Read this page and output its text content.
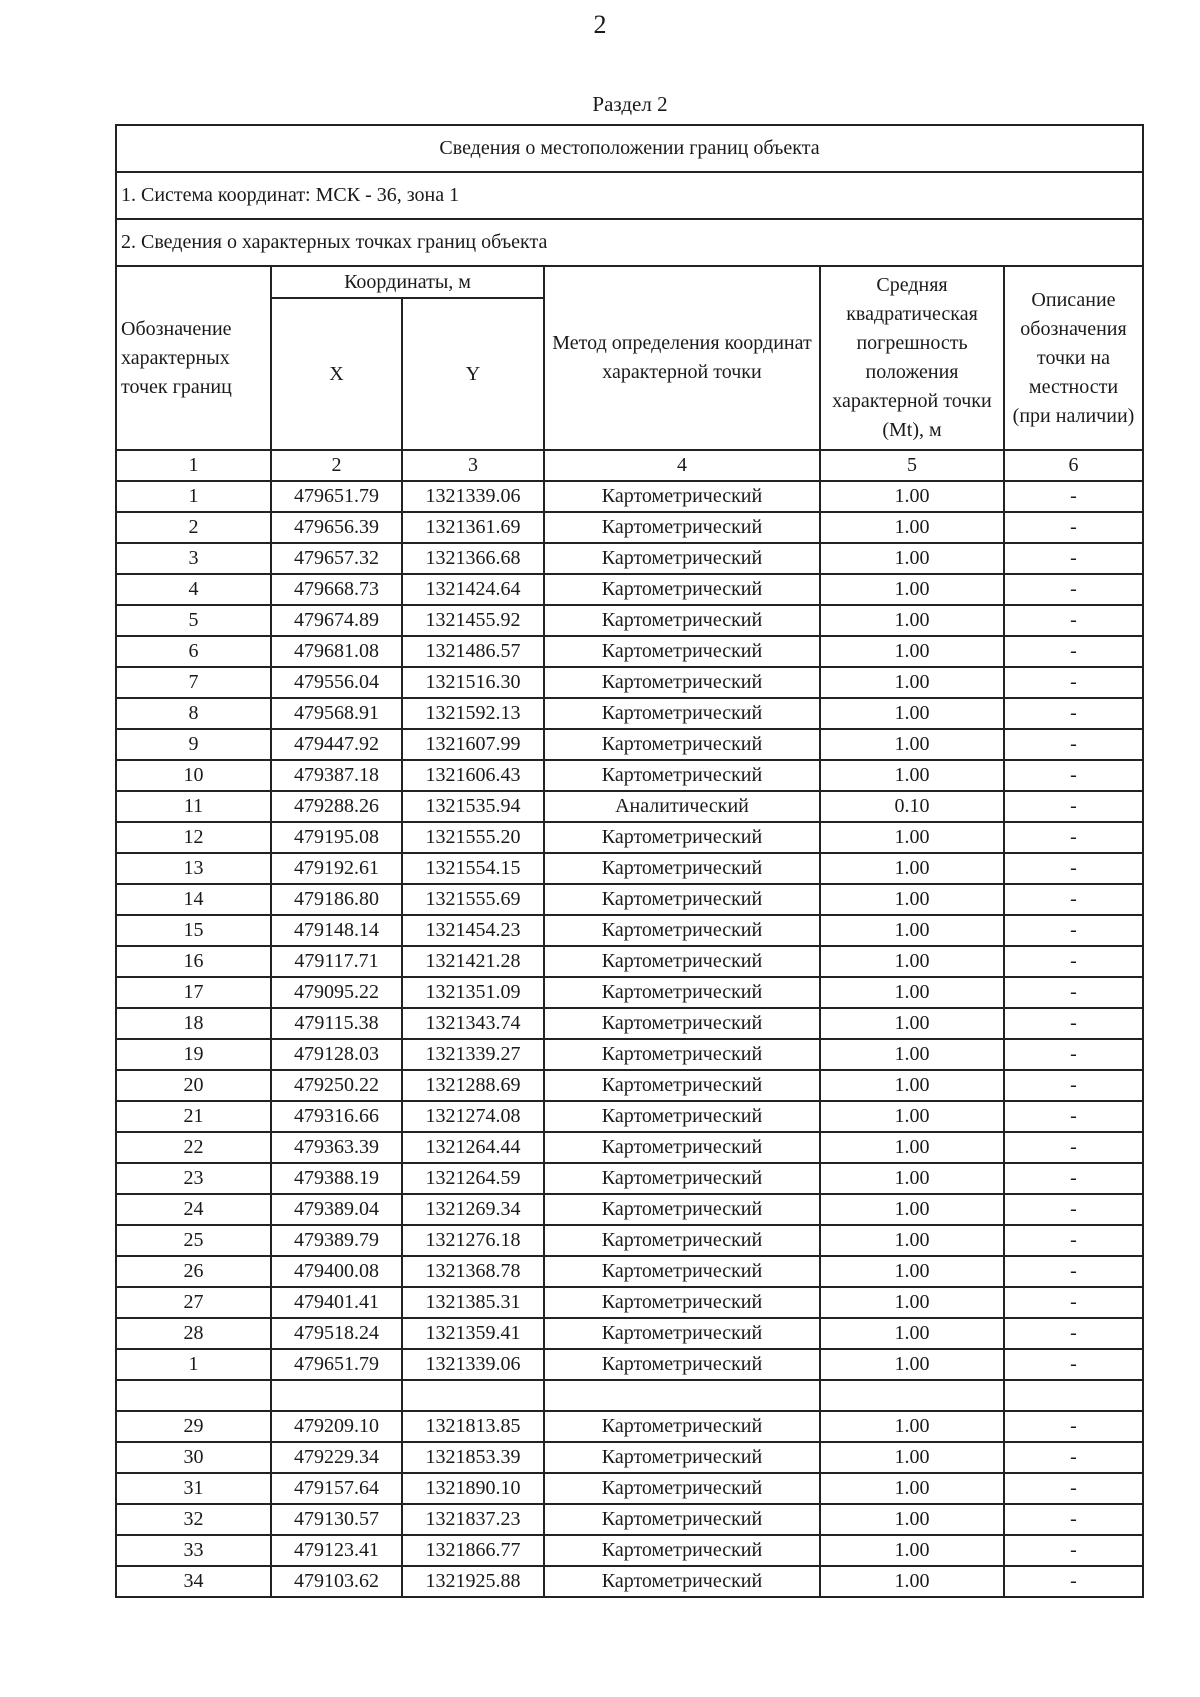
2
Раздел 2
Сведения о местоположении границ объекта					
1. Система координат: МСК - 36, зона 1					
2. Сведения о характерных точках границ объекта					
Обозначение характерных точек границ	Координаты, м		Метод определения координат характерной точки	Средняя квадратическая погрешность положения характерной точки (Mt), м	Описание обозначения точки на местности (при наличии)
	X	Y			
1	2	3	4	5	6
1	479651.79	1321339.06	Картометрический	1.00	-
2	479656.39	1321361.69	Картометрический	1.00	-
3	479657.32	1321366.68	Картометрический	1.00	-
4	479668.73	1321424.64	Картометрический	1.00	-
5	479674.89	1321455.92	Картометрический	1.00	-
6	479681.08	1321486.57	Картометрический	1.00	-
7	479556.04	1321516.30	Картометрический	1.00	-
8	479568.91	1321592.13	Картометрический	1.00	-
9	479447.92	1321607.99	Картометрический	1.00	-
10	479387.18	1321606.43	Картометрический	1.00	-
11	479288.26	1321535.94	Аналитический	0.10	-
12	479195.08	1321555.20	Картометрический	1.00	-
13	479192.61	1321554.15	Картометрический	1.00	-
14	479186.80	1321555.69	Картометрический	1.00	-
15	479148.14	1321454.23	Картометрический	1.00	-
16	479117.71	1321421.28	Картометрический	1.00	-
17	479095.22	1321351.09	Картометрический	1.00	-
18	479115.38	1321343.74	Картометрический	1.00	-
19	479128.03	1321339.27	Картометрический	1.00	-
20	479250.22	1321288.69	Картометрический	1.00	-
21	479316.66	1321274.08	Картометрический	1.00	-
22	479363.39	1321264.44	Картометрический	1.00	-
23	479388.19	1321264.59	Картометрический	1.00	-
24	479389.04	1321269.34	Картометрический	1.00	-
25	479389.79	1321276.18	Картометрический	1.00	-
26	479400.08	1321368.78	Картометрический	1.00	-
27	479401.41	1321385.31	Картометрический	1.00	-
28	479518.24	1321359.41	Картометрический	1.00	-
1	479651.79	1321339.06	Картометрический	1.00	-

29	479209.10	1321813.85	Картометрический	1.00	-
30	479229.34	1321853.39	Картометрический	1.00	-
31	479157.64	1321890.10	Картометрический	1.00	-
32	479130.57	1321837.23	Картометрический	1.00	-
33	479123.41	1321866.77	Картометрический	1.00	-
34	479103.62	1321925.88	Картометрический	1.00	-
